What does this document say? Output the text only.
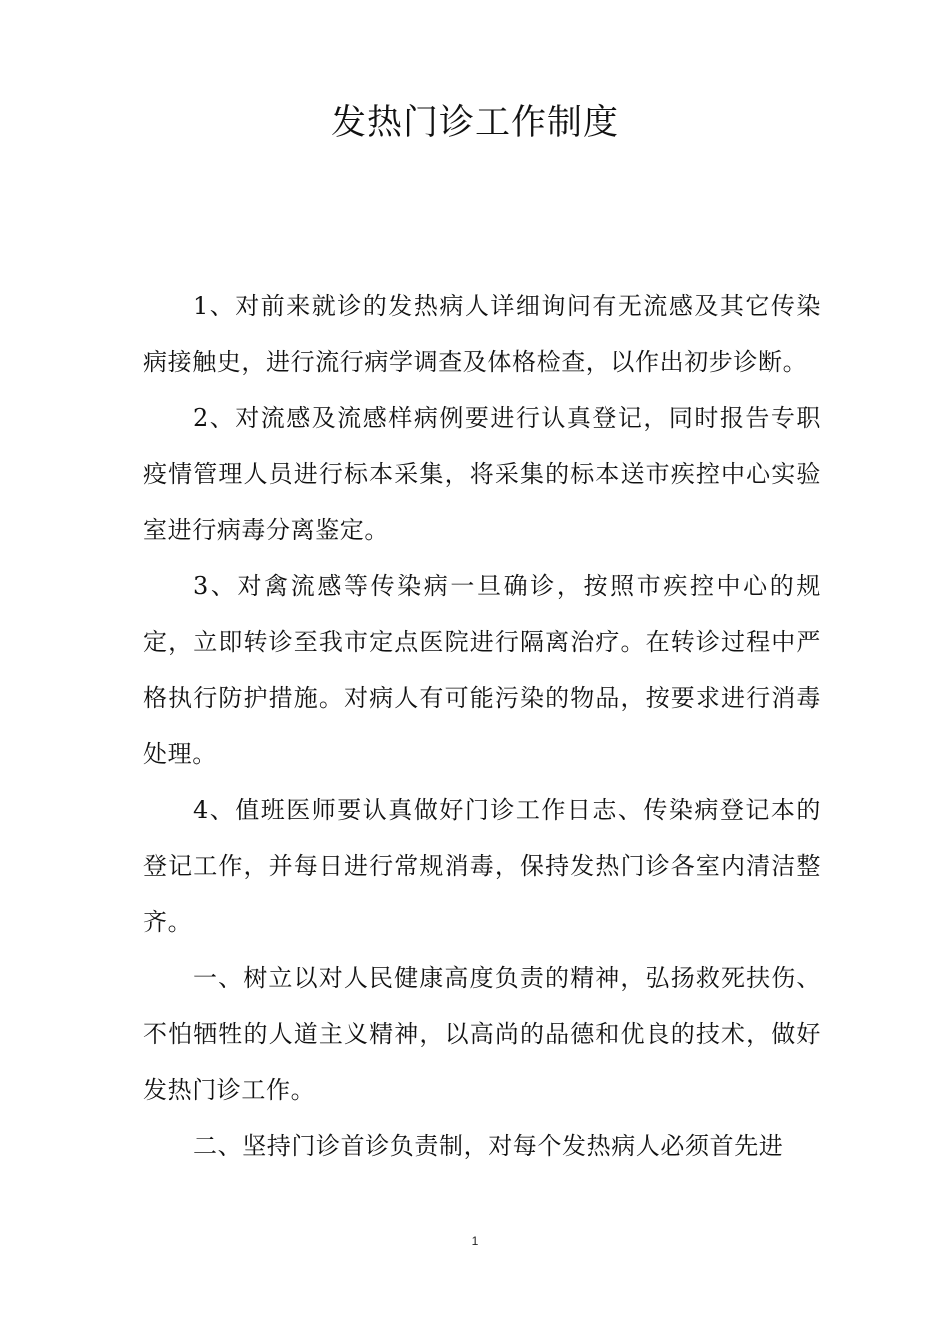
发热门诊工作制度

1、对前来就诊的发热病人详细询问有无流感及其它传染病接触史，进行流行病学调查及体格检查，以作出初步诊断。

2、对流感及流感样病例要进行认真登记，同时报告专职疫情管理人员进行标本采集，将采集的标本送市疾控中心实验室进行病毒分离鉴定。

3、对禽流感等传染病一旦确诊，按照市疾控中心的规定，立即转诊至我市定点医院进行隔离治疗。在转诊过程中严格执行防护措施。对病人有可能污染的物品，按要求进行消毒处理。

4、值班医师要认真做好门诊工作日志、传染病登记本的登记工作，并每日进行常规消毒，保持发热门诊各室内清洁整齐。

一、树立以对人民健康高度负责的精神，弘扬救死扶伤、不怕牺牲的人道主义精神，以高尚的品德和优良的技术，做好发热门诊工作。

二、坚持门诊首诊负责制，对每个发热病人必须首先进

1
